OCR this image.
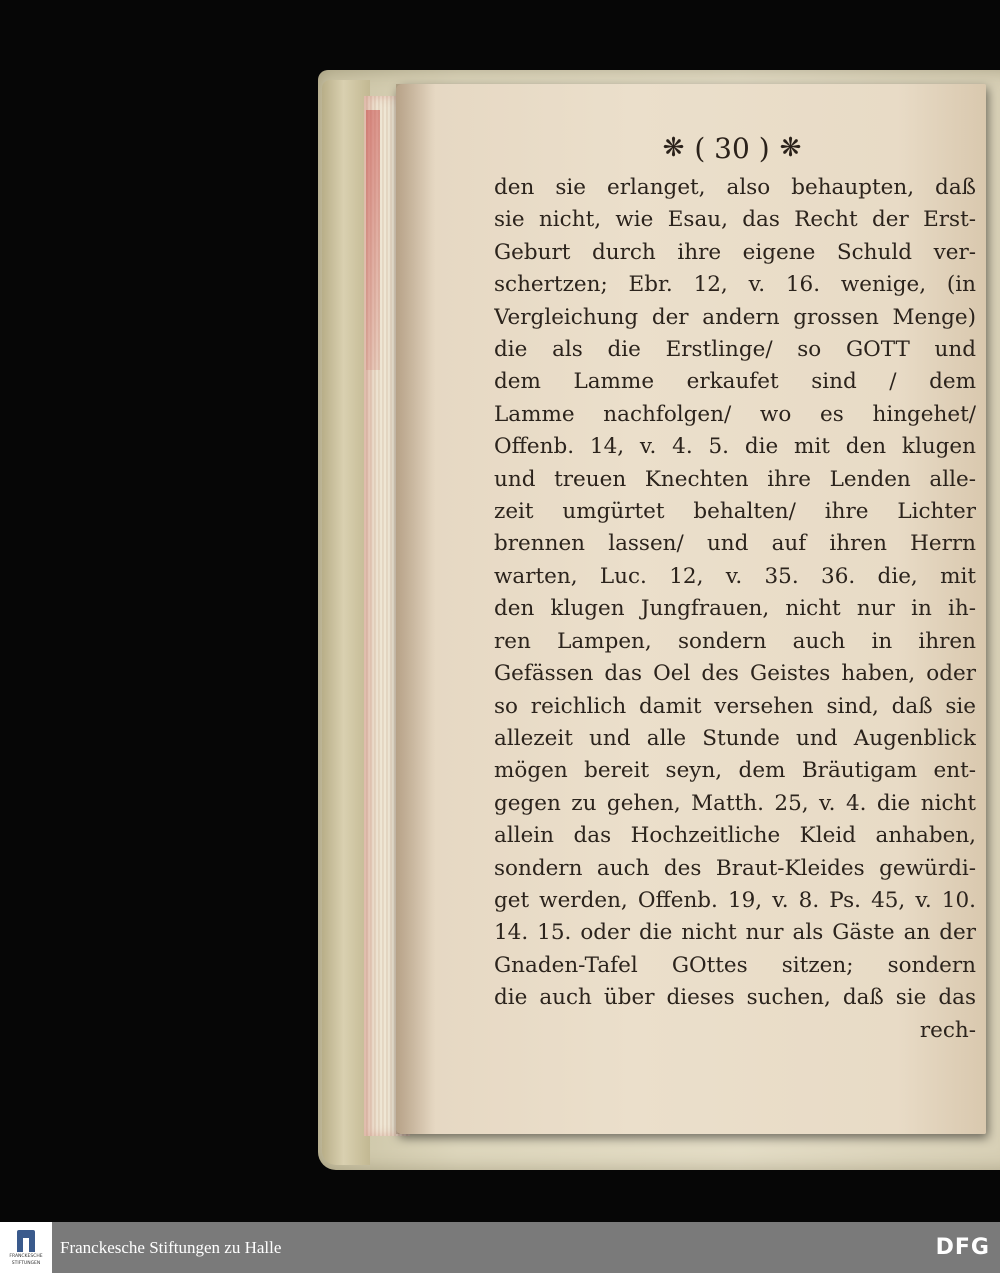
❋ ( 30 ) ❋
den sie erlanget, also behaupten, daß
sie nicht, wie Esau, das Recht der Erst-
Geburt durch ihre eigene Schuld ver-
schertzen; Ebr. 12, v. 16. wenige, (in
Vergleichung der andern grossen Menge)
die als die Erstlinge/ so GOTT und
dem Lamme erkaufet sind / dem
Lamme nachfolgen/ wo es hingehet/
Offenb. 14, v. 4. 5. die mit den klugen
und treuen Knechten ihre Lenden alle-
zeit umgürtet behalten/ ihre Lichter
brennen lassen/ und auf ihren Herrn
warten, Luc. 12, v. 35. 36. die, mit
den klugen Jungfrauen, nicht nur in ih-
ren Lampen, sondern auch in ihren
Gefässen das Oel des Geistes haben, oder
so reichlich damit versehen sind, daß sie
allezeit und alle Stunde und Augenblick
mögen bereit seyn, dem Bräutigam ent-
gegen zu gehen, Matth. 25, v. 4. die nicht
allein das Hochzeitliche Kleid anhaben,
sondern auch des Braut-Kleides gewürdi-
get werden, Offenb. 19, v. 8. Ps. 45, v. 10.
14. 15. oder die nicht nur als Gäste an der
Gnaden-Tafel GOttes sitzen; sondern
die auch über dieses suchen, daß sie das
rech-
FRANCKESCHE
STIFTUNGEN
Franckesche Stiftungen zu Halle	DFG
